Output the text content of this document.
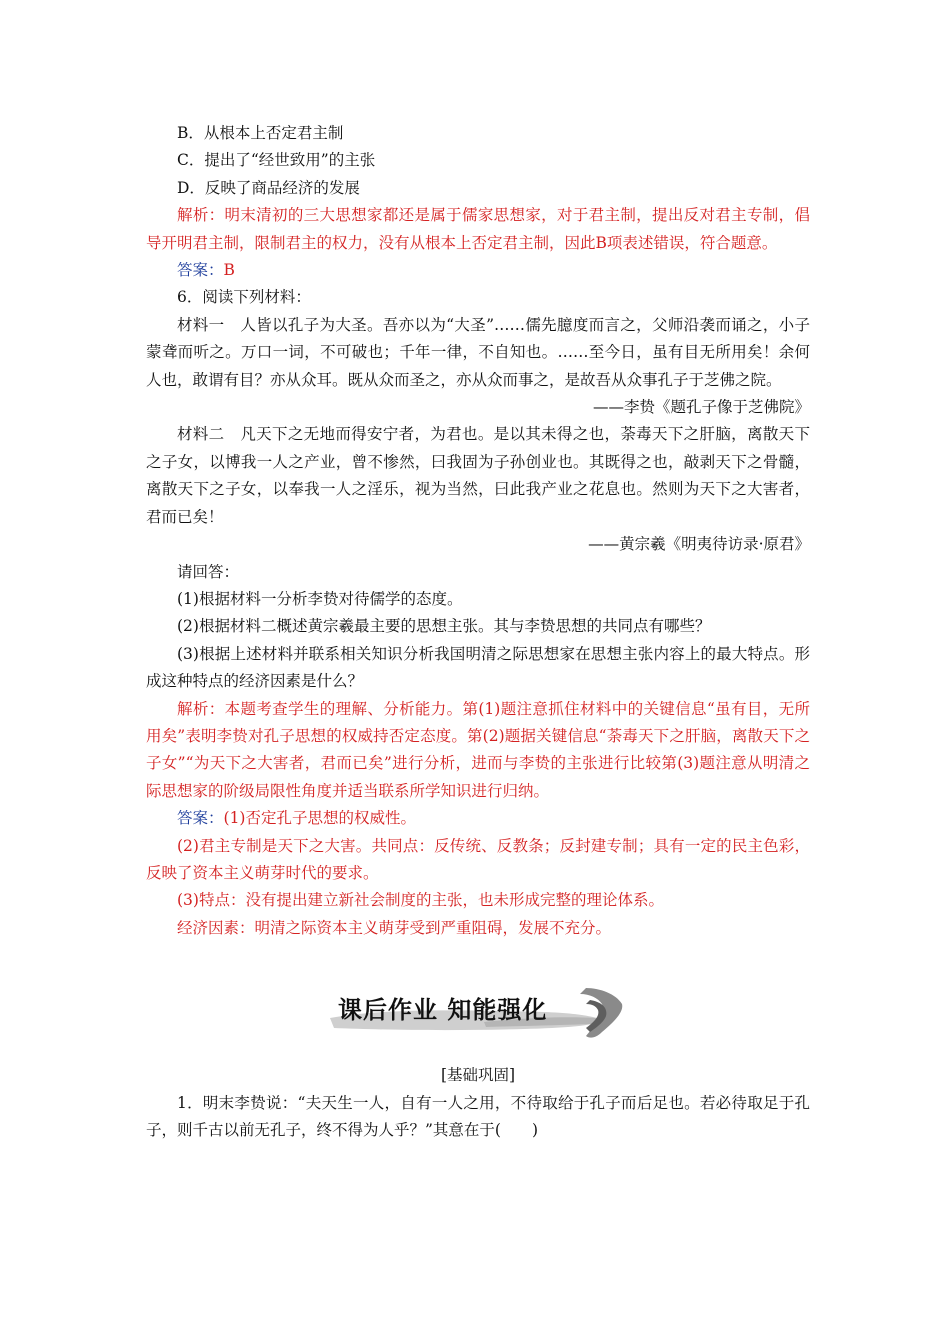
B．从根本上否定君主制

C．提出了“经世致用”的主张

D．反映了商品经济的发展

解析：明末清初的三大思想家都还是属于儒家思想家，对于君主制，提出反对君主专制，倡导开明君主制，限制君主的权力，没有从根本上否定君主制，因此B项表述错误，符合题意。

答案：B

6．阅读下列材料：

材料一　人皆以孔子为大圣。吾亦以为“大圣”……儒先臆度而言之，父师沿袭而诵之，小子蒙聋而听之。万口一词，不可破也；千年一律，不自知也。……至今日，虽有目无所用矣！余何人也，敢谓有目？亦从众耳。既从众而圣之，亦从众而事之，是故吾从众事孔子于芝佛之院。

——李贽《题孔子像于芝佛院》

材料二　凡天下之无地而得安宁者，为君也。是以其未得之也，荼毒天下之肝脑，离散天下之子女，以博我一人之产业，曾不惨然，曰我固为子孙创业也。其既得之也，敲剥天下之骨髓，离散天下之子女，以奉我一人之淫乐，视为当然，曰此我产业之花息也。然则为天下之大害者，君而已矣！

——黄宗羲《明夷待访录·原君》

请回答：

(1)根据材料一分析李贽对待儒学的态度。

(2)根据材料二概述黄宗羲最主要的思想主张。其与李贽思想的共同点有哪些？

(3)根据上述材料并联系相关知识分析我国明清之际思想家在思想主张内容上的最大特点。形成这种特点的经济因素是什么？

解析：本题考查学生的理解、分析能力。第(1)题注意抓住材料中的关键信息“虽有目，无所用矣”表明李贽对孔子思想的权威持否定态度。第(2)题据关键信息“荼毒天下之肝脑，离散天下之子女”“为天下之大害者，君而已矣”进行分析，进而与李贽的主张进行比较第(3)题注意从明清之际思想家的阶级局限性角度并适当联系所学知识进行归纳。

答案：(1)否定孔子思想的权威性。

(2)君主专制是天下之大害。共同点：反传统、反教条；反封建专制；具有一定的民主色彩，反映了资本主义萌芽时代的要求。

(3)特点：没有提出建立新社会制度的主张，也未形成完整的理论体系。

经济因素：明清之际资本主义萌芽受到严重阻碍，发展不充分。

课后作业 知能强化

[基础巩固]

1．明末李贽说：“夫天生一人，自有一人之用，不待取给于孔子而后足也。若必待取足于孔子，则千古以前无孔子，终不得为人乎？”其意在于(　　)
